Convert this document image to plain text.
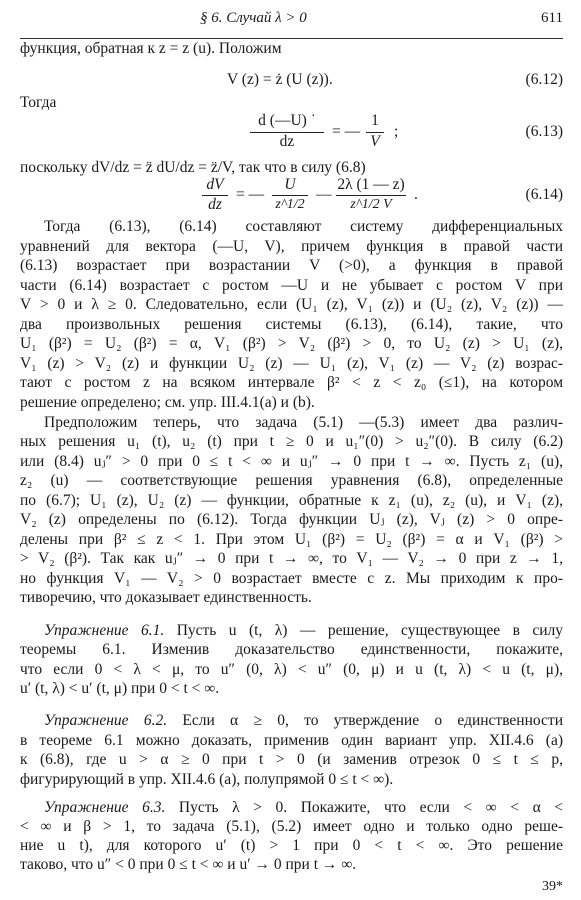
§ 6. Случай λ > 0	611
функция, обратная к z = z (u). Положим
V (z) = ż (U (z)).	(6.12)
Тогда
d (—U) ˙
dz
= —
1
V
;	(6.13)
поскольку dV/dz = z̈ dU/dz = z̈/V, так что в силу (6.8)
dV
dz
= —
U
z^1/2
—
2λ (1 — z)
z^1/2 V
.	(6.14)
Тогда (6.13), (6.14) составляют систему дифференциальных
уравнений для вектора (—U, V), причем функция в правой части
(6.13) возрастает при возрастании V (>0), а функция в правой
части (6.14) возрастает с ростом —U и не убывает с ростом V при
V > 0 и λ ≥ 0. Следовательно, если (U₁ (z), V₁ (z)) и (U₂ (z), V₂ (z)) —
два произвольных решения системы (6.13), (6.14), такие, что
U₁ (β²) = U₂ (β²) = α, V₁ (β²) > V₂ (β²) > 0, то U₂ (z) > U₁ (z),
V₁ (z) > V₂ (z) и функции U₂ (z) — U₁ (z), V₁ (z) — V₂ (z) возрас-
тают с ростом z на всяком интервале β² < z < z₀ (≤1), на котором
решение определено; см. упр. III.4.1(a) и (b).
Предположим теперь, что задача (5.1) —(5.3) имеет два различ-
ных решения u₁ (t), u₂ (t) при t ≥ 0 и u₁″(0) > u₂″(0). В силу (6.2)
или (8.4) uⱼ″ > 0 при 0 ≤ t < ∞ и uⱼ″ → 0 при t → ∞. Пусть z₁ (u),
z₂ (u) — соответствующие решения уравнения (6.8), определенные
по (6.7); U₁ (z), U₂ (z) — функции, обратные к z₁ (u), z₂ (u), и V₁ (z),
V₂ (z) определены по (6.12). Тогда функции Uⱼ (z), Vⱼ (z) > 0 опре-
делены при β² ≤ z < 1. При этом U₁ (β²) = U₂ (β²) = α и V₁ (β²) >
> V₂ (β²). Так как uⱼ″ → 0 при t → ∞, то V₁ — V₂ → 0 при z → 1,
но функция V₁ — V₂ > 0 возрастает вместе с z. Мы приходим к про-
тиворечию, что доказывает единственность.
Упражнение 6.1. Пусть u (t, λ) — решение, существующее в силу
теоремы 6.1. Изменив доказательство единственности, покажите,
что если 0 < λ < μ, то u″ (0, λ) < u″ (0, μ) и u (t, λ) < u (t, μ),
u′ (t, λ) < u′ (t, μ) при 0 < t < ∞.
Упражнение 6.2. Если α ≥ 0, то утверждение о единственности
в теореме 6.1 можно доказать, применив один вариант упр. XII.4.6 (a)
к (6.8), где u > α ≥ 0 при t > 0 (и заменив отрезок 0 ≤ t ≤ p,
фигурирующий в упр. XII.4.6 (a), полупрямой 0 ≤ t < ∞).
39*
Упражнение 6.3. Пусть λ > 0. Покажите, что если < ∞ < α <
< ∞ и β > 1, то задача (5.1), (5.2) имеет одно и только одно реше-
ние u t), для которого u′ (t) > 1 при 0 < t < ∞. Это решение
таково, что u″ < 0 при 0 ≤ t < ∞ и u′ → 0 при t → ∞.
